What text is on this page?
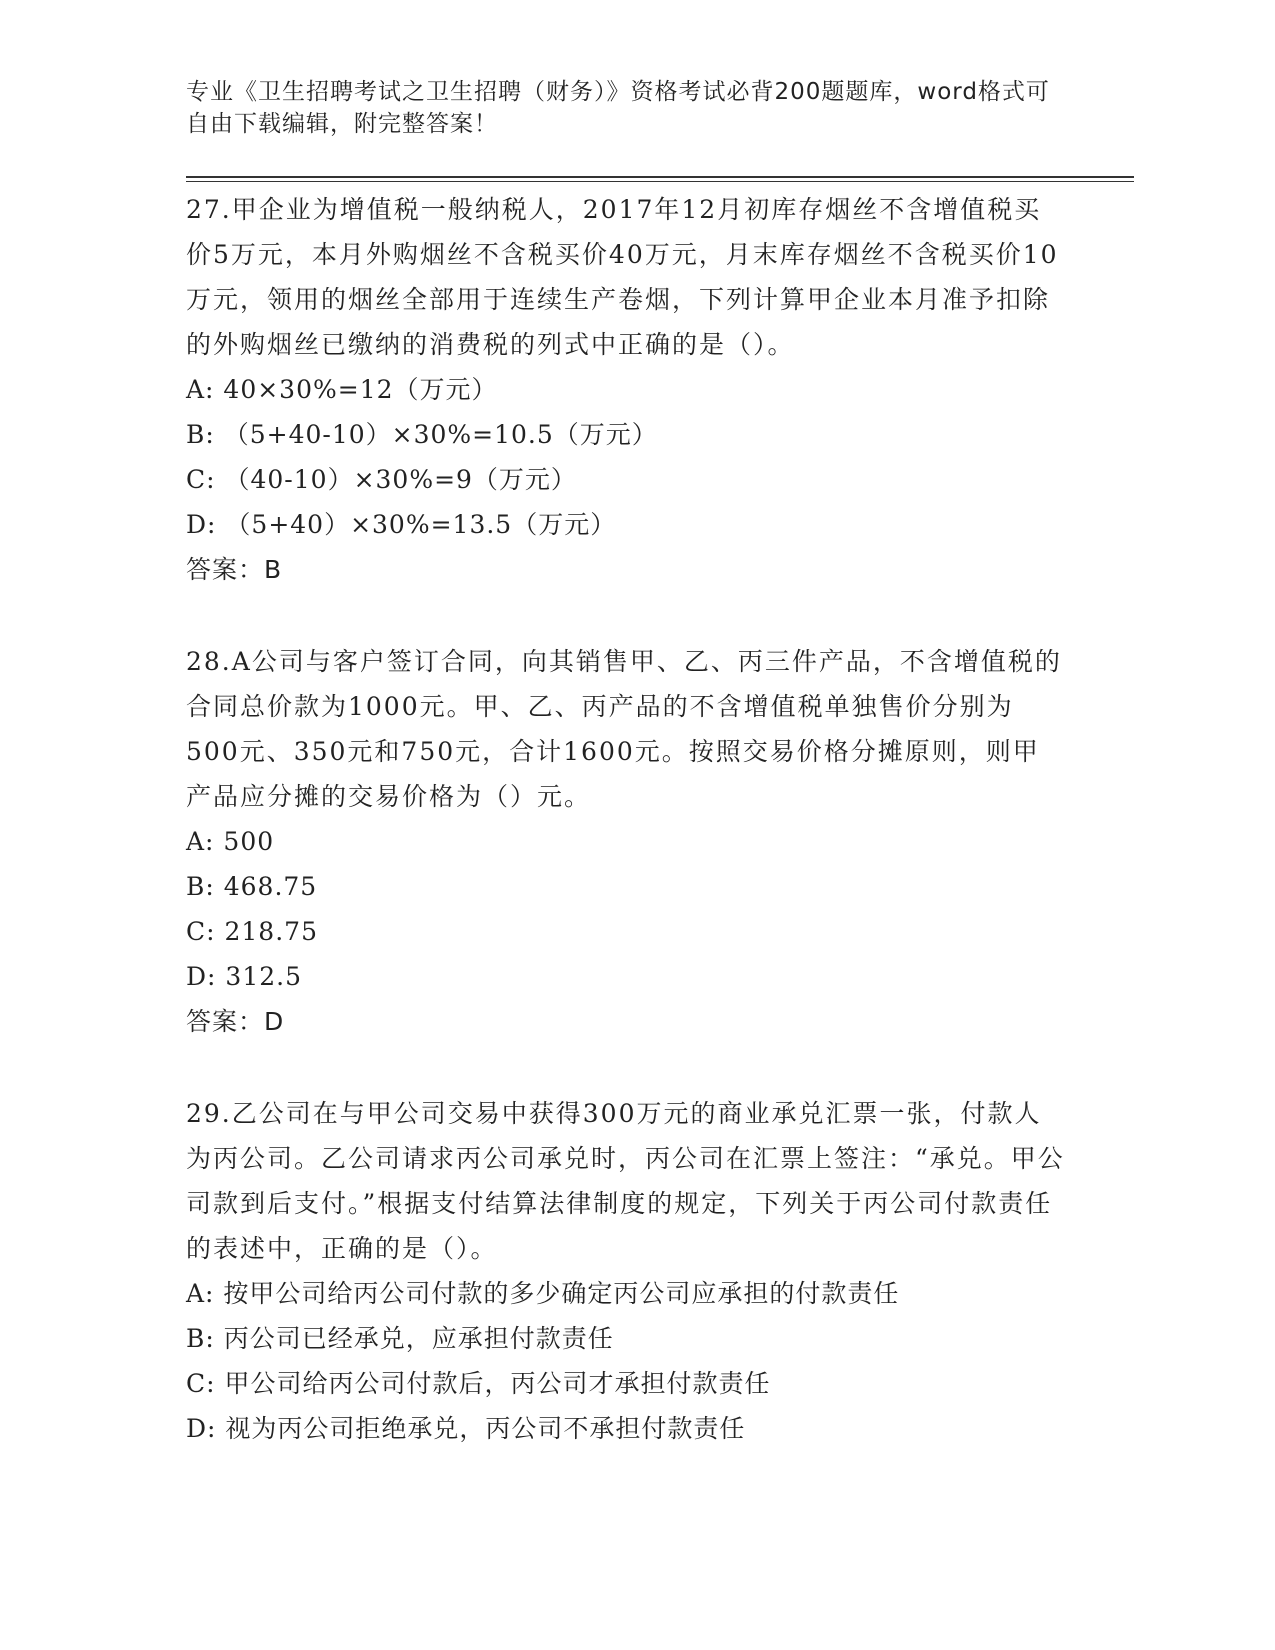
专业《卫生招聘考试之卫生招聘（财务）》资格考试必背200题题库，word格式可自由下载编辑，附完整答案！

27.甲企业为增值税一般纳税人，2017年12月初库存烟丝不含增值税买价5万元，本月外购烟丝不含税买价40万元，月末库存烟丝不含税买价10万元，领用的烟丝全部用于连续生产卷烟，下列计算甲企业本月准予扣除的外购烟丝已缴纳的消费税的列式中正确的是（）。

A: 40×30%=12（万元）

B: （5+40-10）×30%=10.5（万元）

C: （40-10）×30%=9（万元）

D: （5+40）×30%=13.5（万元）

答案：B

28.A公司与客户签订合同，向其销售甲、乙、丙三件产品，不含增值税的合同总价款为1000元。甲、乙、丙产品的不含增值税单独售价分别为500元、350元和750元，合计1600元。按照交易价格分摊原则，则甲产品应分摊的交易价格为（）元。

A: 500

B: 468.75

C: 218.75

D: 312.5

答案：D

29.乙公司在与甲公司交易中获得300万元的商业承兑汇票一张，付款人为丙公司。乙公司请求丙公司承兑时，丙公司在汇票上签注：“承兑。甲公司款到后支付。”根据支付结算法律制度的规定，下列关于丙公司付款责任的表述中，正确的是（）。

A: 按甲公司给丙公司付款的多少确定丙公司应承担的付款责任

B: 丙公司已经承兑，应承担付款责任

C: 甲公司给丙公司付款后，丙公司才承担付款责任

D: 视为丙公司拒绝承兑，丙公司不承担付款责任
